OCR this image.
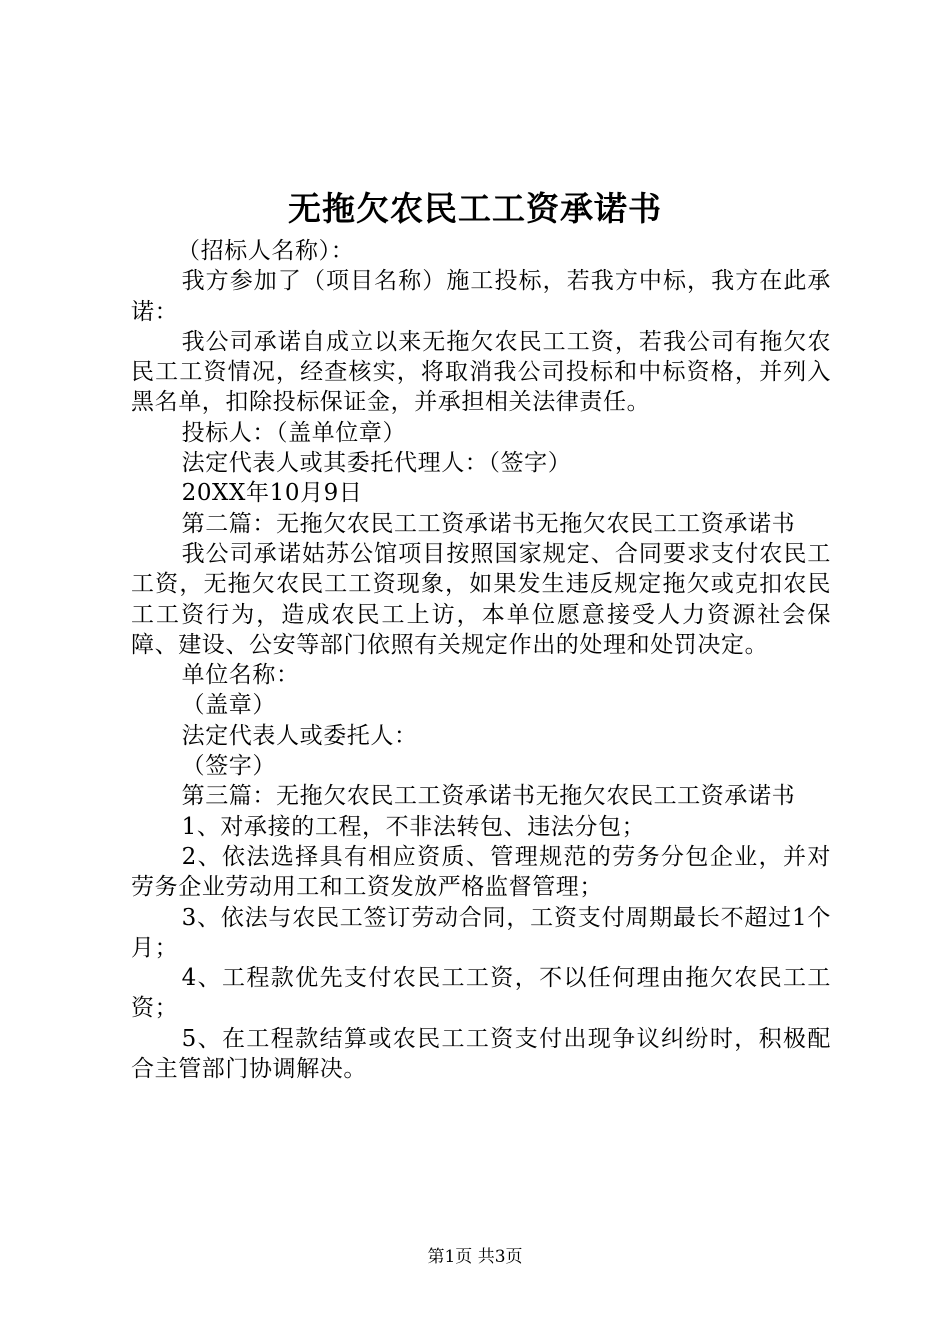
无拖欠农民工工资承诺书

（招标人名称）：

我方参加了（项目名称）施工投标，若我方中标，我方在此承诺：

我公司承诺自成立以来无拖欠农民工工资，若我公司有拖欠农民工工资情况，经查核实，将取消我公司投标和中标资格，并列入黑名单，扣除投标保证金，并承担相关法律责任。

投标人：（盖单位章）

法定代表人或其委托代理人：（签字）

20XX年10月9日

第二篇：无拖欠农民工工资承诺书无拖欠农民工工资承诺书

我公司承诺姑苏公馆项目按照国家规定、合同要求支付农民工工资，无拖欠农民工工资现象，如果发生违反规定拖欠或克扣农民工工资行为，造成农民工上访，本单位愿意接受人力资源社会保障、建设、公安等部门依照有关规定作出的处理和处罚决定。

单位名称：

（盖章）

法定代表人或委托人：

（签字）

第三篇：无拖欠农民工工资承诺书无拖欠农民工工资承诺书

1、对承接的工程，不非法转包、违法分包；

2、依法选择具有相应资质、管理规范的劳务分包企业，并对劳务企业劳动用工和工资发放严格监督管理；

3、依法与农民工签订劳动合同，工资支付周期最长不超过1个月；

4、工程款优先支付农民工工资，不以任何理由拖欠农民工工资；

5、在工程款结算或农民工工资支付出现争议纠纷时，积极配合主管部门协调解决。

第1页 共3页
